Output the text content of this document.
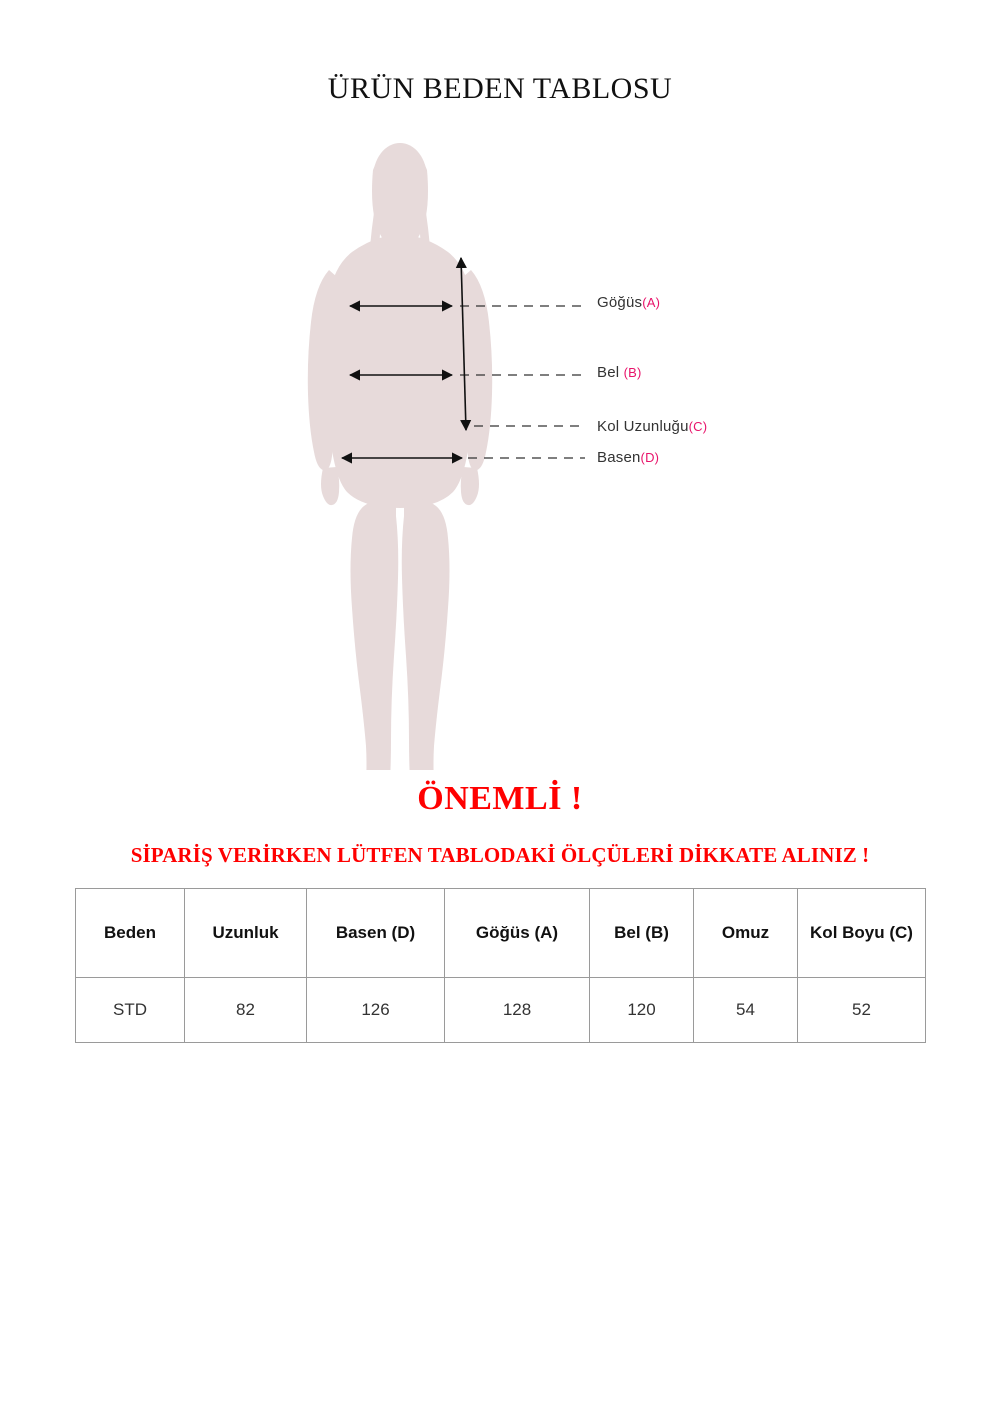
ÜRÜN BEDEN TABLOSU
Göğüs(A)
Bel (B)
Kol Uzunluğu(C)
Basen(D)
ÖNEMLİ !
SİPARİŞ VERİRKEN LÜTFEN TABLODAKİ ÖLÇÜLERİ DİKKATE ALINIZ !
Beden	Uzunluk	Basen (D)	Göğüs (A)	Bel (B)	Omuz	Kol Boyu (C)
STD	82	126	128	120	54	52
